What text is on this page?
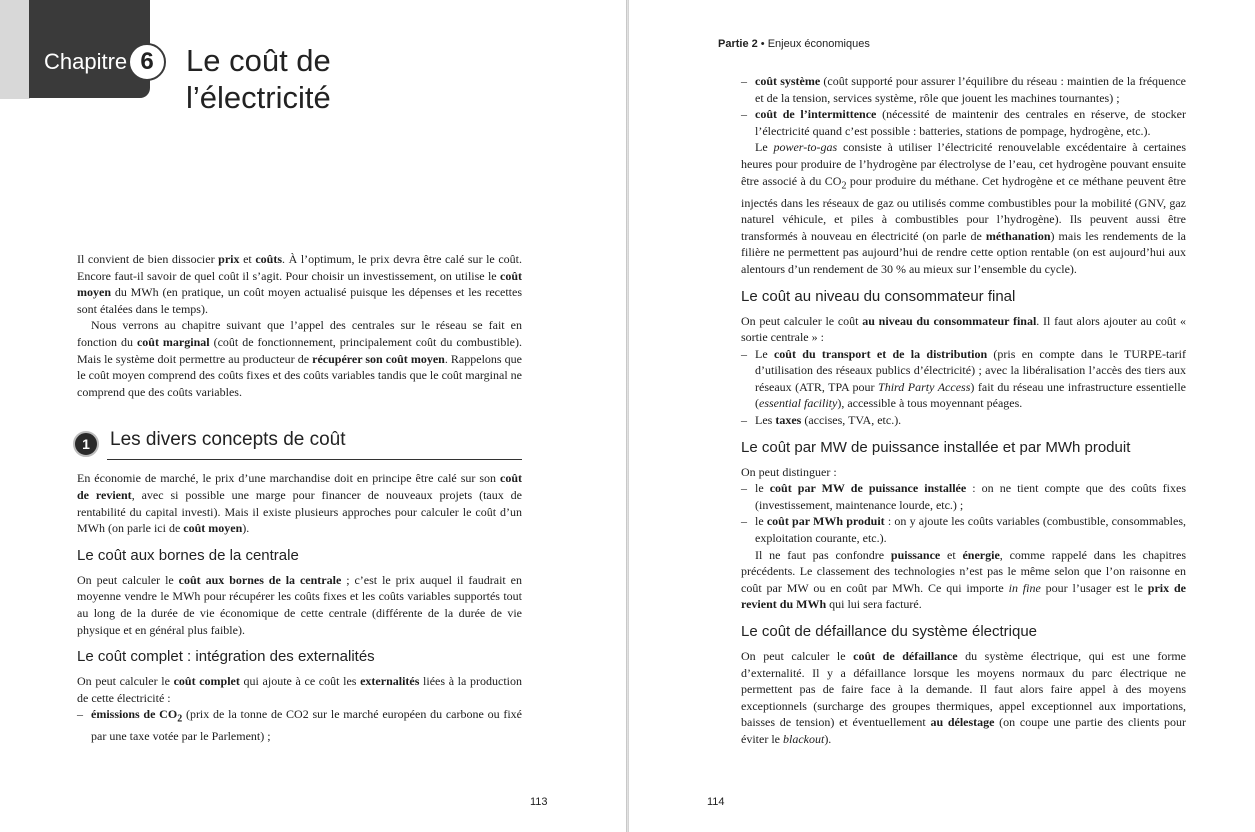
Chapitre 6	Le coût de
l’électricité

Il convient de bien dissocier prix et coûts. À l’optimum, le prix devra être calé sur le coût. Encore faut-il savoir de quel coût il s’agit. Pour choisir un investissement, on utilise le coût moyen du MWh (en pratique, un coût moyen actualisé puisque les dépenses et les recettes sont étalées dans le temps).

Nous verrons au chapitre suivant que l’appel des centrales sur le réseau se fait en fonction du coût marginal (coût de fonctionnement, principalement coût du combustible). Mais le système doit permettre au producteur de récupérer son coût moyen. Rappelons que le coût moyen comprend des coûts fixes et des coûts variables tandis que le coût marginal ne comprend que des coûts variables.

1	Les divers concepts de coût

En économie de marché, le prix d’une marchandise doit en principe être calé sur son coût de revient, avec si possible une marge pour financer de nouveaux projets (taux de rentabilité du capital investi). Mais il existe plusieurs approches pour calculer le coût d’un MWh (on parle ici de coût moyen).

Le coût aux bornes de la centrale

On peut calculer le coût aux bornes de la centrale ; c’est le prix auquel il faudrait en moyenne vendre le MWh pour récupérer les coûts fixes et les coûts variables supportés tout au long de la durée de vie économique de cette centrale (différente de la durée de vie physique et en général plus faible).

Le coût complet : intégration des externalités

On peut calculer le coût complet qui ajoute à ce coût les externalités liées à la production de cette électricité :

– émissions de $CO_2$ (prix de la tonne de CO2 sur le marché européen du carbone ou fixé par une taxe votée par le Parlement) ;
113
Partie 2 • Enjeux économiques
– coût système (coût supporté pour assurer l’équilibre du réseau : maintien de la fréquence et de la tension, services système, rôle que jouent les machines tournantes) ;
– coût de l’intermittence (nécessité de maintenir des centrales en réserve, de stocker l’électricité quand c’est possible : batteries, stations de pompage, hydrogène, etc.).

Le power-to-gas consiste à utiliser l’électricité renouvelable excédentaire à certaines heures pour produire de l’hydrogène par électrolyse de l’eau, cet hydrogène pouvant ensuite être associé à du $CO_2$ pour produire du méthane. Cet hydrogène et ce méthane peuvent être injectés dans les réseaux de gaz ou utilisés comme combustibles pour la mobilité (GNV, gaz naturel véhicule, et piles à combustibles pour l’hydrogène). Ils peuvent aussi être transformés à nouveau en électricité (on parle de méthanation) mais les rendements de la filière ne permettent pas aujourd’hui de rendre cette option rentable (on est aujourd’hui aux alentours d’un rendement de 30 % au mieux sur l’ensemble du cycle).

Le coût au niveau du consommateur final

On peut calculer le coût au niveau du consommateur final. Il faut alors ajouter au coût « sortie centrale » :

– Le coût du transport et de la distribution (pris en compte dans le TURPE-tarif d’utilisation des réseaux publics d’électricité) ; avec la libéralisation l’accès des tiers aux réseaux (ATR, TPA pour Third Party Access) fait du réseau une infrastructure essentielle (essential facility), accessible à tous moyennant péages.
– Les taxes (accises, TVA, etc.).
Le coût par MW de puissance installée et par MWh produit

On peut distinguer :

– le coût par MW de puissance installée : on ne tient compte que des coûts fixes (investissement, maintenance lourde, etc.) ;
– le coût par MWh produit : on y ajoute les coûts variables (combustible, consommables, exploitation courante, etc.).

Il ne faut pas confondre puissance et énergie, comme rappelé dans les chapitres précédents. Le classement des technologies n’est pas le même selon que l’on raisonne en coût par MW ou en coût par MWh. Ce qui importe in fine pour l’usager est le prix de revient du MWh qui lui sera facturé.

Le coût de défaillance du système électrique

On peut calculer le coût de défaillance du système électrique, qui est une forme d’externalité. Il y a défaillance lorsque les moyens normaux du parc électrique ne permettent pas de faire face à la demande. Il faut alors faire appel à des moyens exceptionnels (surcharge des groupes thermiques, appel exceptionnel aux importations, baisses de tension) et éventuellement au délestage (on coupe une partie des clients pour éviter le blackout).

114
